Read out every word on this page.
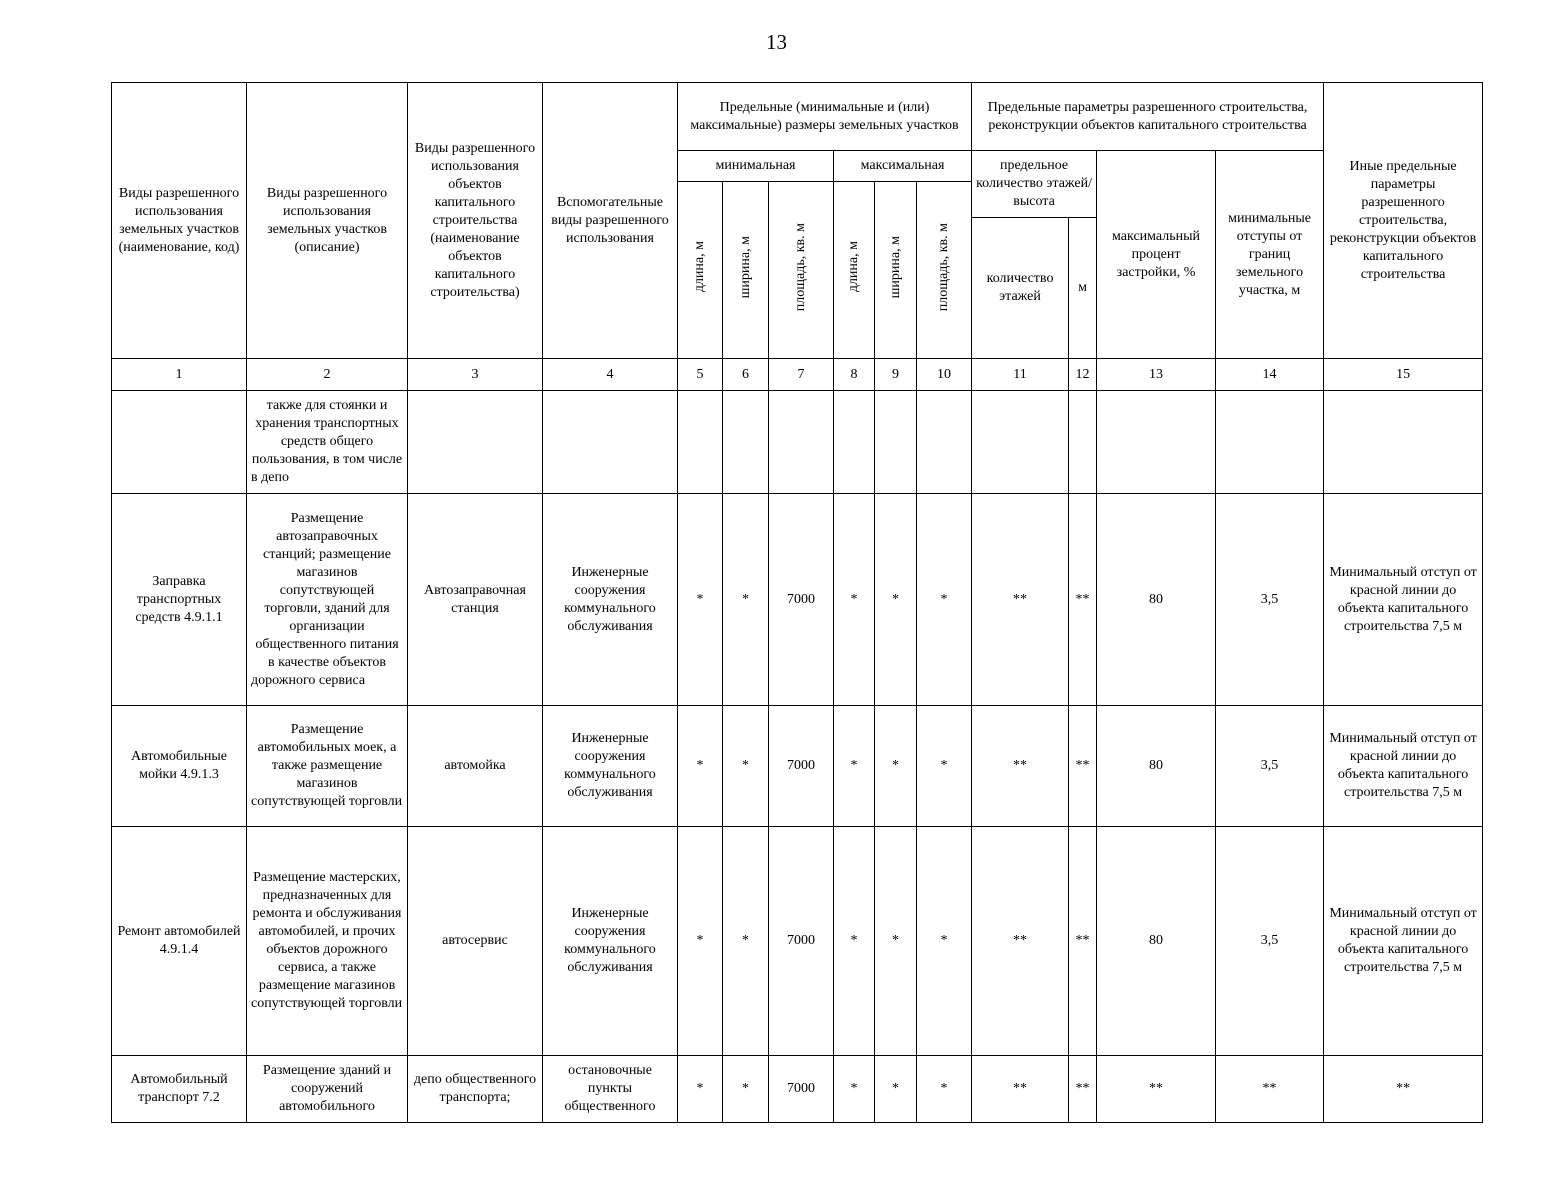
13
Виды разрешенного использования земельных участков (наименование, код)	Виды разрешенного использования земельных участков (описание)	Виды разрешенного использования объектов капитального строительства (наименование объектов капитального строительства)	Вспомогательные виды разрешенного использования	Предельные (минимальные и (или) максимальные) размеры земельных участков						Предельные параметры разрешенного строительства, реконструкции объектов капитального строительства				Иные предельные параметры разрешенного строительства, реконструкции объектов капитального строительства
				минимальная			максимальная			предельное количество этажей/высота		максимальный процент застройки, %	минимальные отступы от границ земельного участка, м	
				длина, м	ширина, м	площадь, кв. м	длина, м	ширина, м	площадь, кв. м					
										количество этажей	м			
1	2	3	4	5	6	7	8	9	10	11	12	13	14	15
	также для стоянки и хранения транспортных средств общего пользования, в том числе в депо													
Заправка транспортных средств 4.9.1.1	Размещение автозаправочных станций; размещение магазинов сопутствующей торговли, зданий для организации общественного питания в качестве объектов дорожного сервиса	Автозаправочная станция	Инженерные сооружения коммунального обслуживания	*	*	7000	*	*	*	**	**	80	3,5	Минимальный отступ от красной линии до объекта капитального строительства 7,5 м
Автомобильные мойки 4.9.1.3	Размещение автомобильных моек, а также размещение магазинов сопутствующей торговли	автомойка	Инженерные сооружения коммунального обслуживания	*	*	7000	*	*	*	**	**	80	3,5	Минимальный отступ от красной линии до объекта капитального строительства 7,5 м
Ремонт автомобилей 4.9.1.4	Размещение мастерских, предназначенных для ремонта и обслуживания автомобилей, и прочих объектов дорожного сервиса, а также размещение магазинов сопутствующей торговли	автосервис	Инженерные сооружения коммунального обслуживания	*	*	7000	*	*	*	**	**	80	3,5	Минимальный отступ от красной линии до объекта капитального строительства 7,5 м
Автомобильный транспорт 7.2	Размещение зданий и сооружений автомобильного	депо общественного транспорта;	остановочные пункты общественного	*	*	7000	*	*	*	**	**	**	**	**
